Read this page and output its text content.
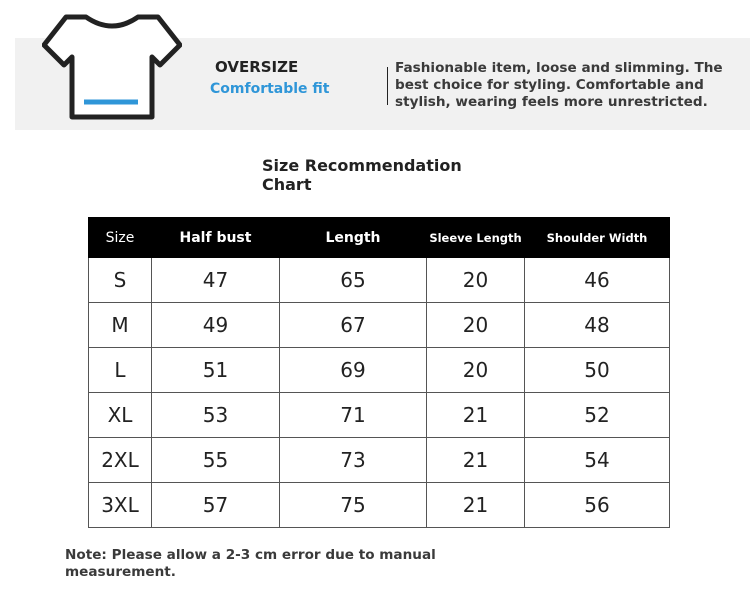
OVERSIZE
Comfortable fit
Fashionable item, loose and slimming. The best choice for styling. Comfortable and stylish, wearing feels more unrestricted.
Size Recommendation Chart
Size	Half bust	Length	Sleeve Length	Shoulder Width
S	47	65	20	46
M	49	67	20	48
L	51	69	20	50
XL	53	71	21	52
2XL	55	73	21	54
3XL	57	75	21	56
Note: Please allow a 2-3 cm error due to manual measurement.
